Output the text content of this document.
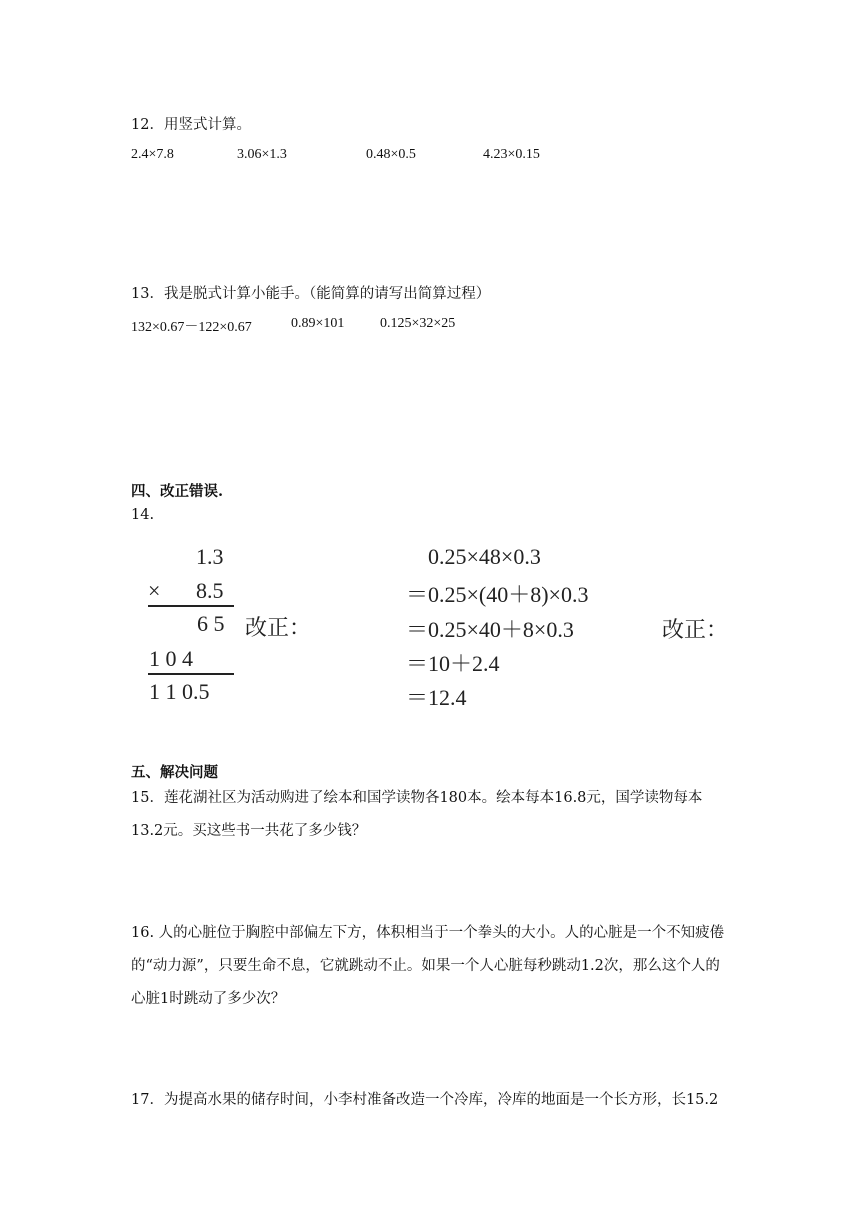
12．用竖式计算。
2.4×7.8	3.06×1.3	0.48×0.5	4.23×0.15
13．我是脱式计算小能手。（能简算的请写出简算过程）
132×0.67－122×0.67	0.89×101	0.125×32×25
四、改正错误.
14.
1.3
× 8.5
6 5 改正：
1 0 4
1 1 0.5
0.25×48×0.3
＝0.25×(40＋8)×0.3
＝0.25×40＋8×0.3	改正：
＝10＋2.4
＝12.4
五、解决问题
15．莲花湖社区为活动购进了绘本和国学读物各180本。绘本每本16.8元，国学读物每本13.2元。买这些书一共花了多少钱？
16. 人的心脏位于胸腔中部偏左下方，体积相当于一个拳头的大小。人的心脏是一个不知疲倦的“动力源”，只要生命不息，它就跳动不止。如果一个人心脏每秒跳动1.2次，那么这个人的心脏1时跳动了多少次？
17．为提高水果的储存时间，小李村准备改造一个冷库，冷库的地面是一个长方形，长15.2
